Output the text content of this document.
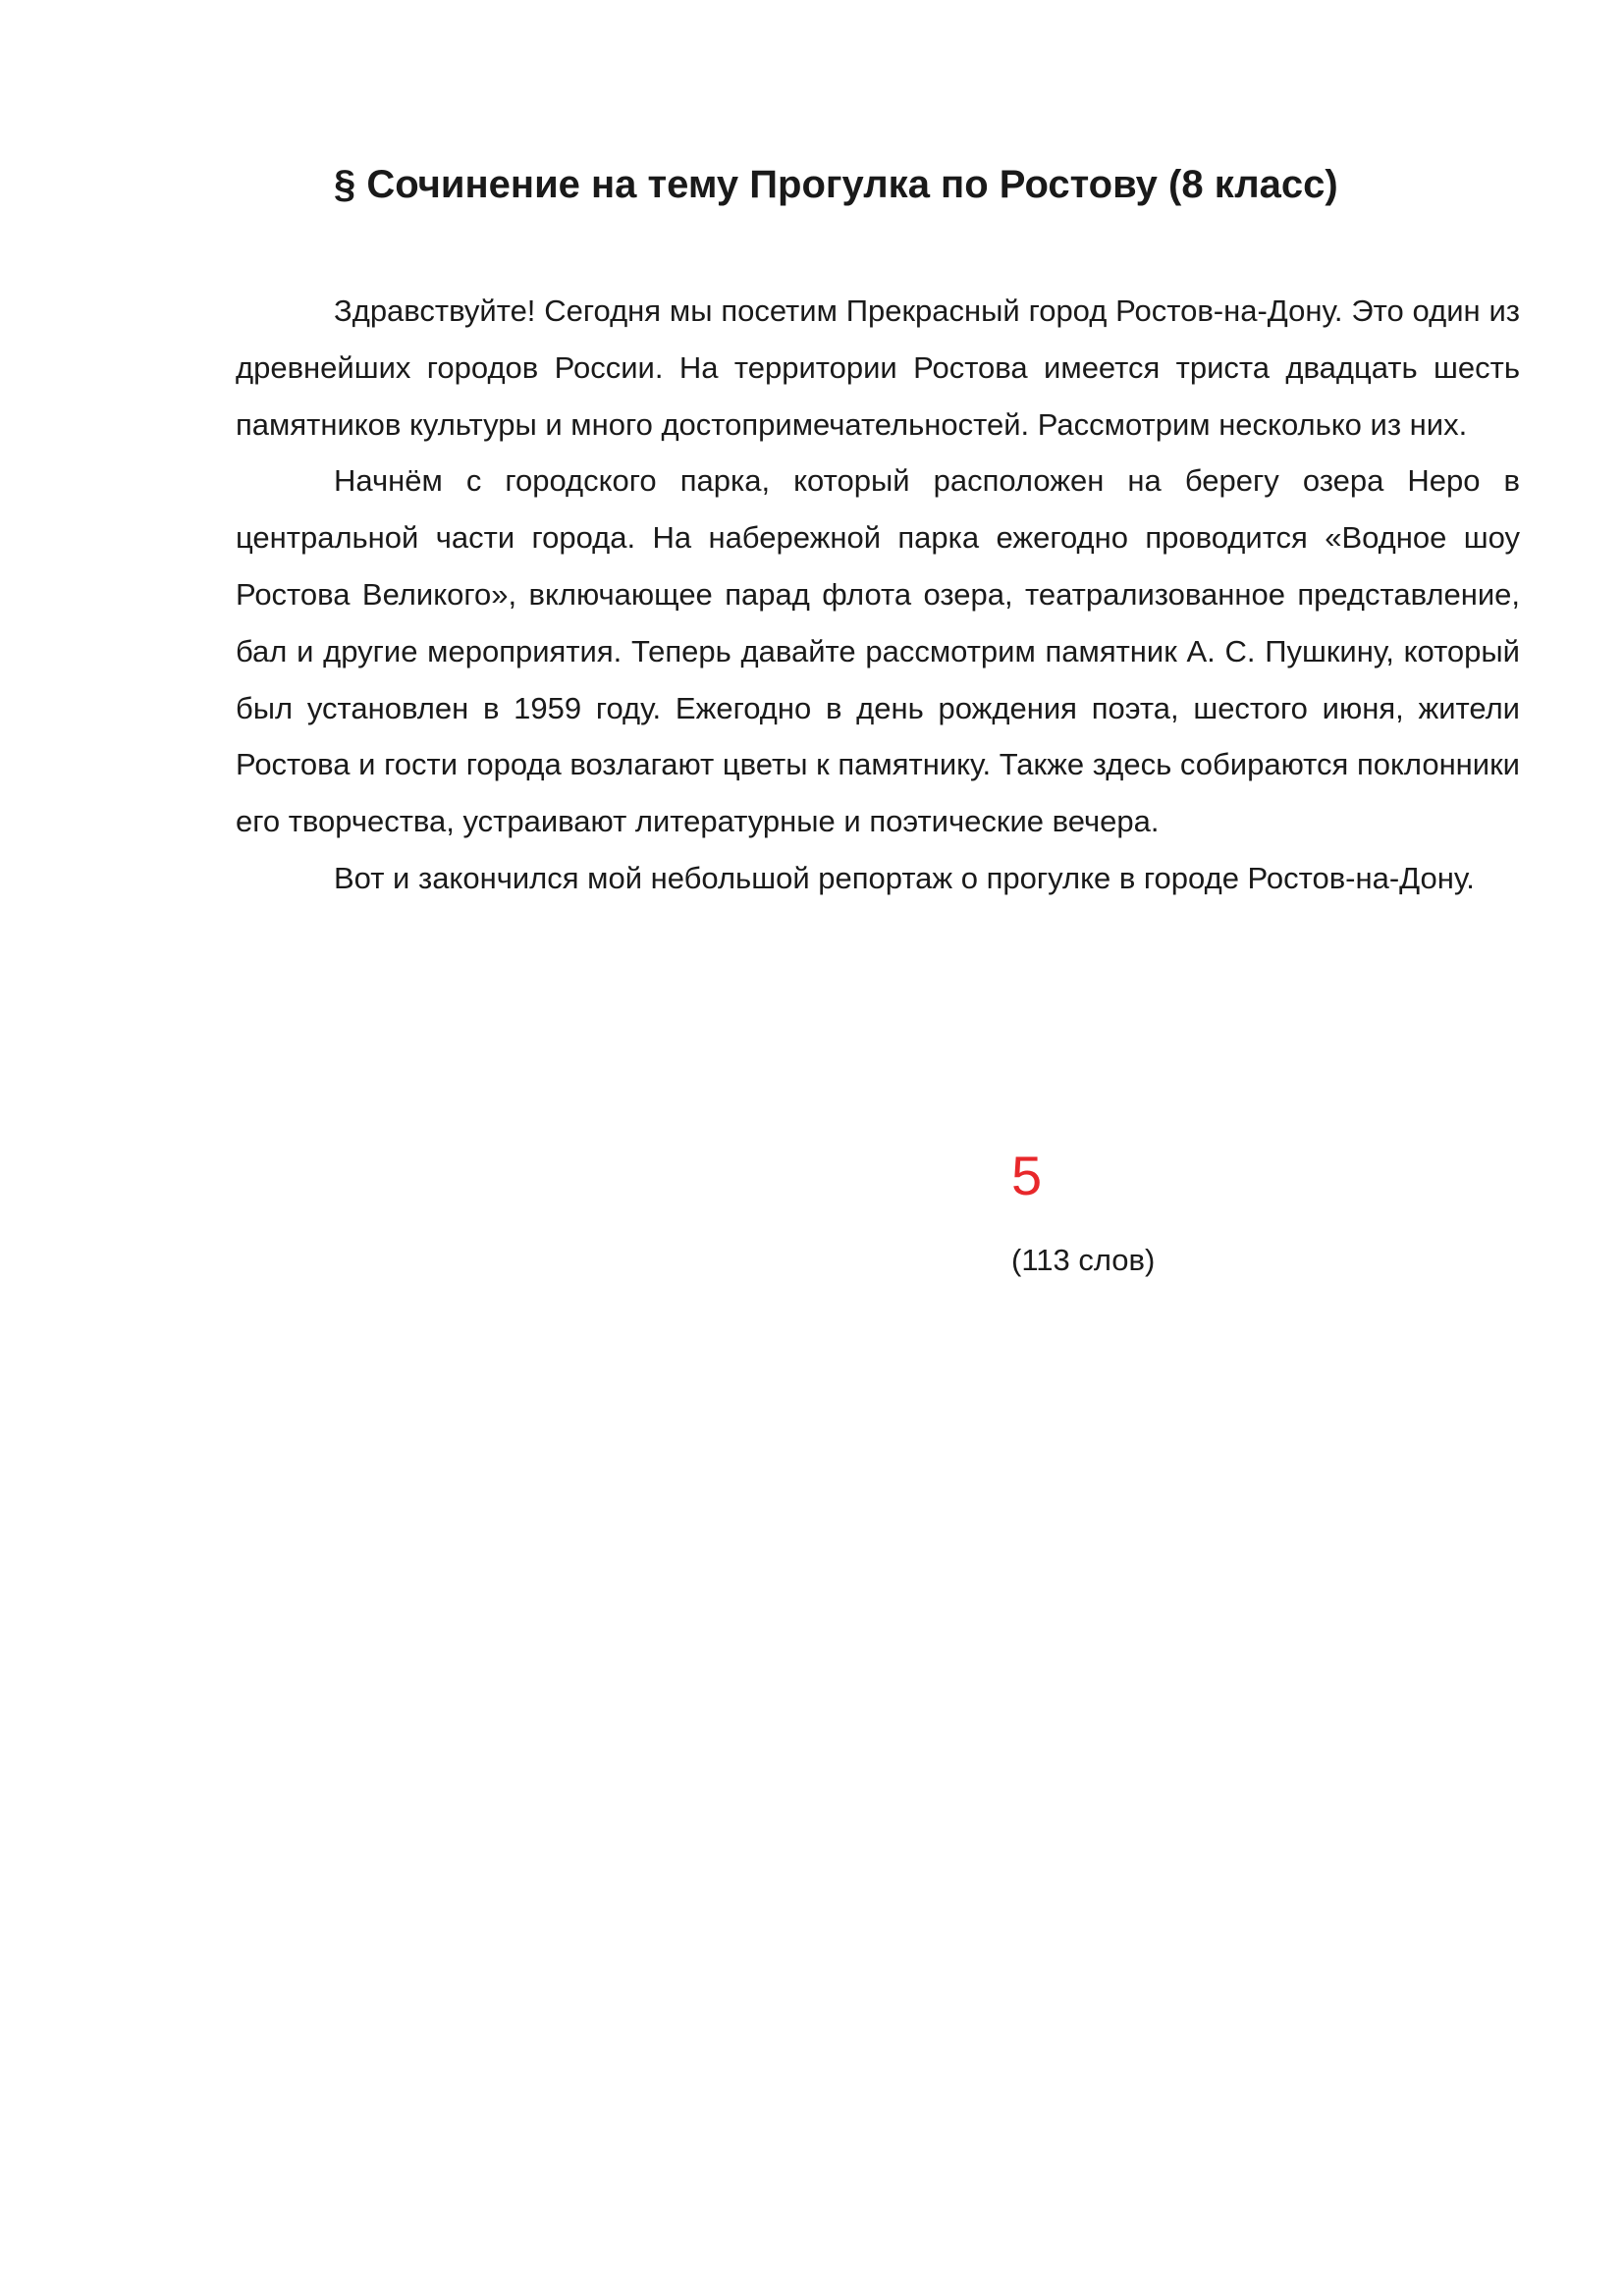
§ Сочинение на тему Прогулка по Ростову (8 класс)

Здравствуйте! Сегодня мы посетим Прекрасный город Ростов-на-Дону. Это один из древнейших городов России. На территории Ростова имеется триста двадцать шесть памятников культуры и много достопримечательностей. Рассмотрим несколько из них.

Начнём с городского парка, который расположен на берегу озера Неро в центральной части города. На набережной парка ежегодно проводится «Водное шоу Ростова Великого», включающее парад флота озера, театрализованное представление, бал и другие мероприятия. Теперь давайте рассмотрим памятник А. С. Пушкину, который был установлен в 1959 году. Ежегодно в день рождения поэта, шестого июня, жители Ростова и гости города возлагают цветы к памятнику. Также здесь собираются поклонники его творчества, устраивают литературные и поэтические вечера.

Вот и закончился мой небольшой репортаж о прогулке в городе Ростов-на-Дону.

5
(113 слов)
